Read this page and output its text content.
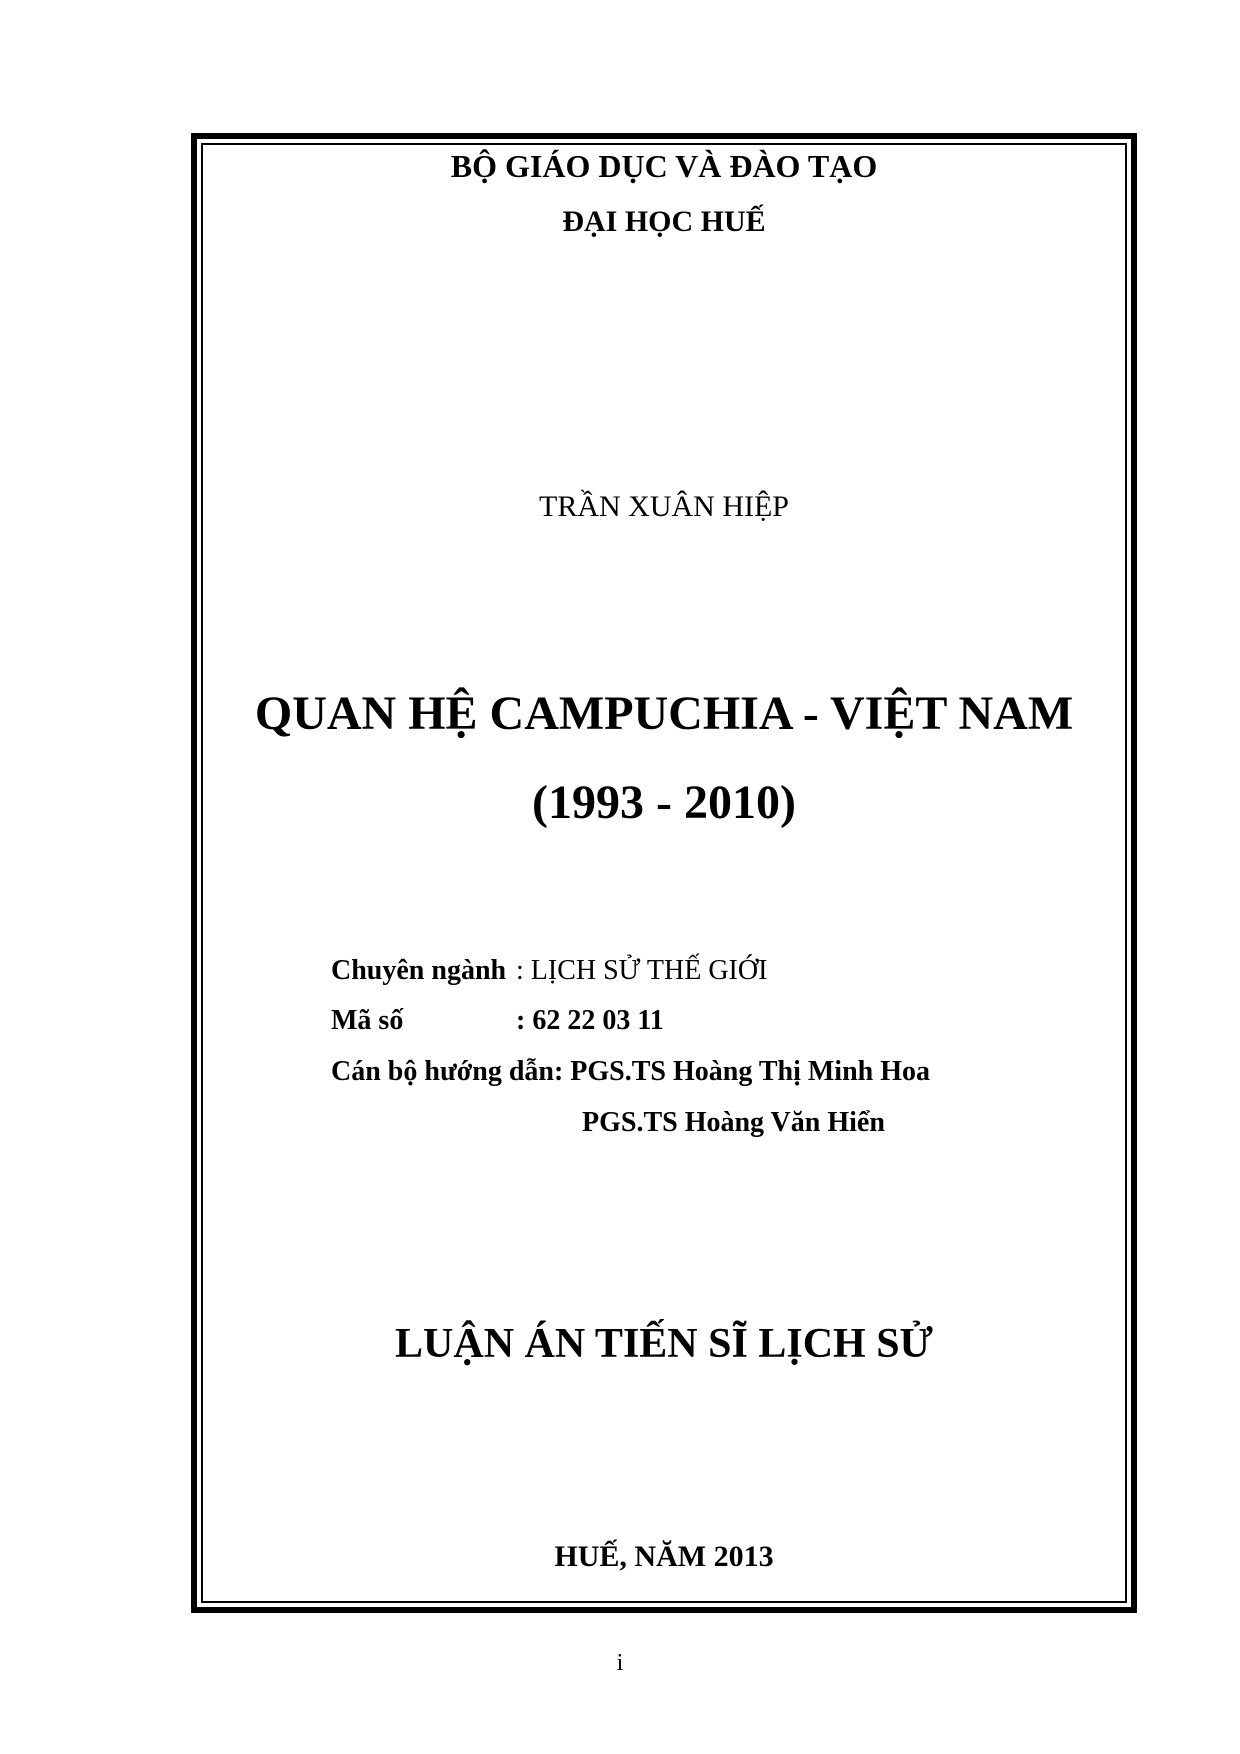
BỘ GIÁO DỤC VÀ ĐÀO TẠO
ĐẠI HỌC HUẾ
TRẦN XUÂN HIỆP
QUAN HỆ CAMPUCHIA - VIỆT NAM
(1993 - 2010)
Chuyên ngành : LỊCH SỬ THẾ GIỚI
Mã số	: 62 22 03 11
Cán bộ hướng dẫn: PGS.TS Hoàng Thị Minh Hoa
PGS.TS Hoàng Văn Hiển
LUẬN ÁN TIẾN SĨ LỊCH SỬ
HUẾ, NĂM 2013
i
